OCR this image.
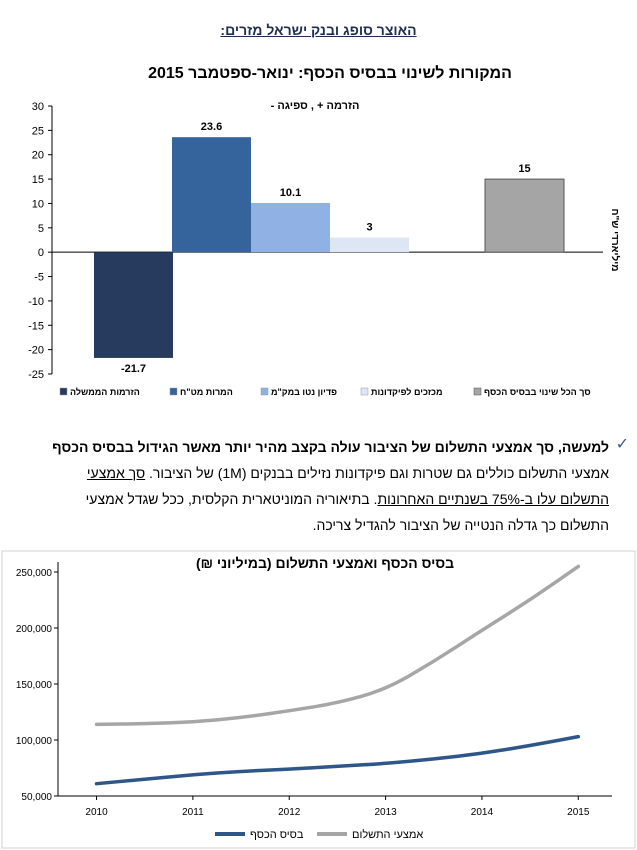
האוצר סופג ובנק ישראל מזרים:
המקורות לשינוי בבסיס הכסף: ינואר-ספטמבר 2015
הזרמה + , ספיגה -
מיליארדי ש"ח
30
25
20
15
10
5
0
-5
-10
-15
-20
-25
-21.7
23.6
10.1
3
15
הזרמות הממשלה	המרות מט"ח	פדיון נטו במק"מ	מכזכים לפיקדונות	סך הכל שינוי בבסיס הכסף
✓
למעשה, סך אמצעי התשלום של הציבור עולה בקצב מהיר יותר מאשר הגידול בבסיס הכסף
אמצעי התשלום כוללים גם שטרות וגם פיקדונות נזילים בבנקים (1M) של הציבור. סך אמצעי
התשלום עלו ב-75% בשנתיים האחרונות. בתיאוריה המוניטארית הקלסית, ככל שגדל אמצעי
התשלום כך גדלה הנטייה של הציבור להגדיל צריכה.
בסיס הכסף ואמצעי התשלום (במיליוני ₪)
250,000
200,000
150,000
100,000
50,000
2010	2011	2012	2013	2014	2015
בסיס הכסף	אמצעי התשלום
